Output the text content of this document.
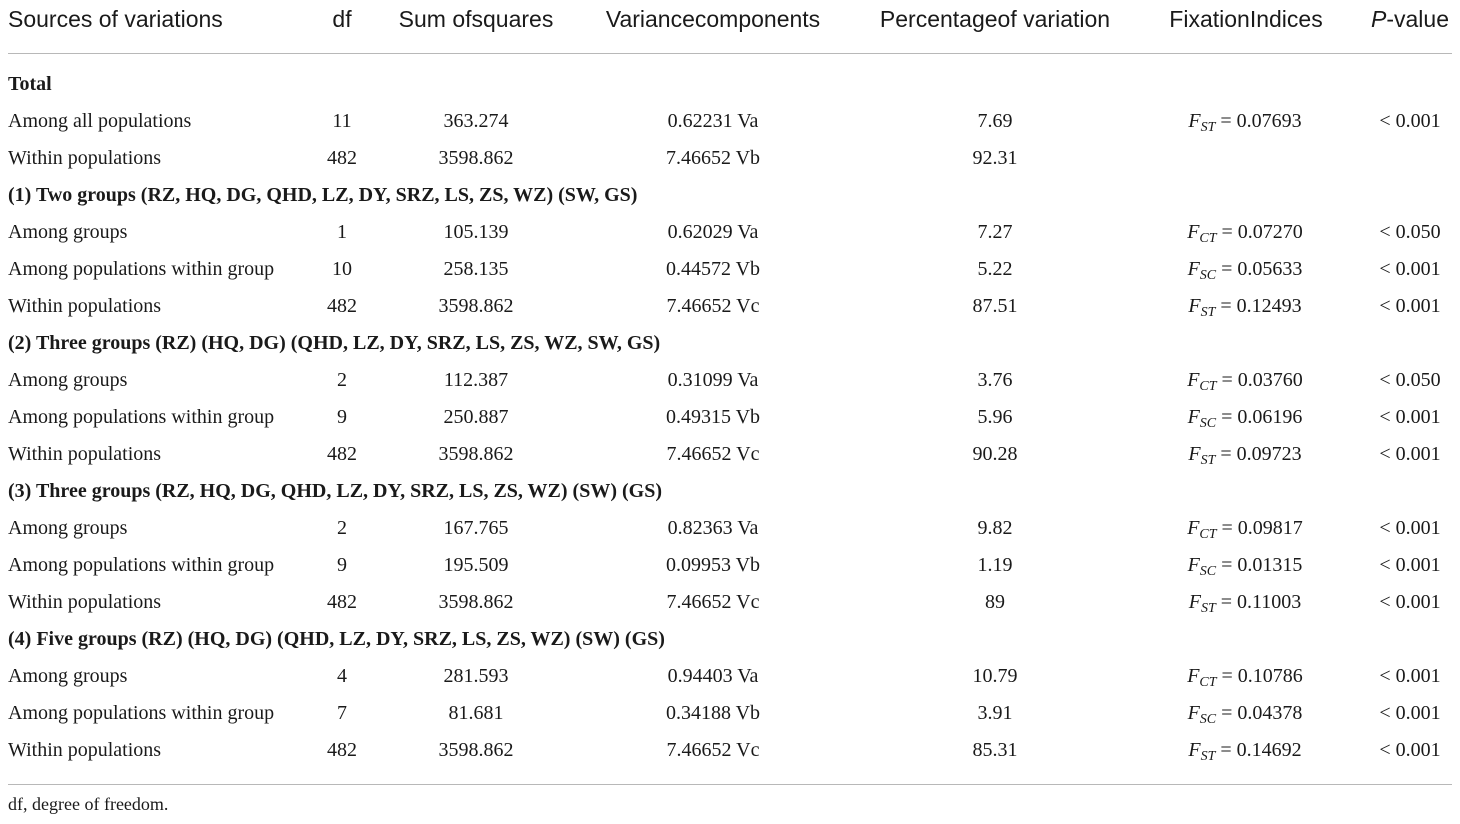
Sources of variations	df	Sum ofsquares	Variancecomponents	Percentageof variation	FixationIndices	P-value
Total
Among all populations	11	363.274	0.62231 Va	7.69	$F_{ST} = 0.07693$	< 0.001
Within populations	482	3598.862	7.46652 Vb	92.31
(1) Two groups (RZ, HQ, DG, QHD, LZ, DY, SRZ, LS, ZS, WZ) (SW, GS)
Among groups	1	105.139	0.62029 Va	7.27	$F_{CT} = 0.07270$	< 0.050
Among populations within group	10	258.135	0.44572 Vb	5.22	$F_{SC} = 0.05633$	< 0.001
Within populations	482	3598.862	7.46652 Vc	87.51	$F_{ST} = 0.12493$	< 0.001
(2) Three groups (RZ) (HQ, DG) (QHD, LZ, DY, SRZ, LS, ZS, WZ, SW, GS)
Among groups	2	112.387	0.31099 Va	3.76	$F_{CT} = 0.03760$	< 0.050
Among populations within group	9	250.887	0.49315 Vb	5.96	$F_{SC} = 0.06196$	< 0.001
Within populations	482	3598.862	7.46652 Vc	90.28	$F_{ST} = 0.09723$	< 0.001
(3) Three groups (RZ, HQ, DG, QHD, LZ, DY, SRZ, LS, ZS, WZ) (SW) (GS)
Among groups	2	167.765	0.82363 Va	9.82	$F_{CT} = 0.09817$	< 0.001
Among populations within group	9	195.509	0.09953 Vb	1.19	$F_{SC} = 0.01315$	< 0.001
Within populations	482	3598.862	7.46652 Vc	89	$F_{ST} = 0.11003$	< 0.001
(4) Five groups (RZ) (HQ, DG) (QHD, LZ, DY, SRZ, LS, ZS, WZ) (SW) (GS)
Among groups	4	281.593	0.94403 Va	10.79	$F_{CT} = 0.10786$	< 0.001
Among populations within group	7	81.681	0.34188 Vb	3.91	$F_{SC} = 0.04378$	< 0.001
Within populations	482	3598.862	7.46652 Vc	85.31	$F_{ST} = 0.14692$	< 0.001
df, degree of freedom.
